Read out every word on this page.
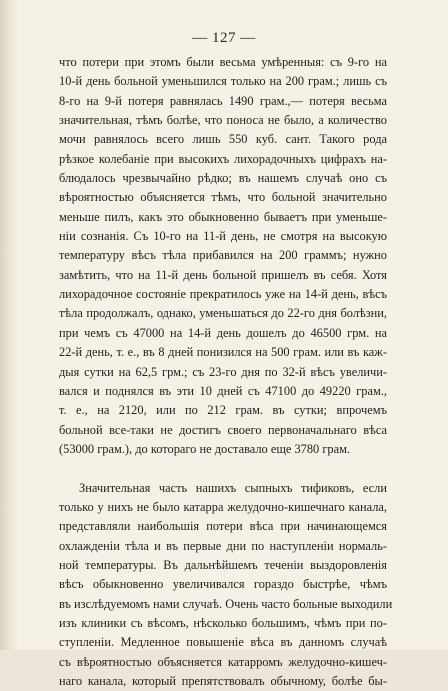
— 127 —
что потери при этомъ были весьма умѣренныя: съ 9-го на
10-й день больной уменьшился только на 200 грам.; лишь съ
8-го на 9-й потеря равнялась 1490 грам.,— потеря весьма
значительная, тѣмъ болѣе, что поноса не было, а количество
мочи равнялось всего лишь 550 куб. сант. Такого рода
рѣзкое колебаніе при высокихъ лихорадочныхъ цифрахъ на-
блюдалось чрезвычайно рѣдко; въ нашемъ случаѣ оно съ
вѣроятностью объясняется тѣмъ, что больной значительно
меньше пилъ, какъ это обыкновенно бываетъ при уменьше-
ніи сознанія. Съ 10-го на 11-й день, не смотря на высокую
температуру вѣсъ тѣла прибавился на 200 граммъ; нужно
замѣтить, что на 11-й день больной пришелъ въ себя. Хотя
лихорадочное состояніе прекратилось уже на 14-й день, вѣсъ
тѣла продолжалъ, однако, уменьшаться до 22-го дня болѣзни,
при чемъ съ 47000 на 14-й день дошелъ до 46500 грм. на
22-й день, т. е., въ 8 дней понизился на 500 грам. или въ каж-
дыя сутки на 62,5 грм.; съ 23-го дня по 32-й вѣсъ увеличи-
вался и поднялся въ эти 10 дней съ 47100 до 49220 грам.,
т. е., на 2120, или по 212 грам. въ сутки; впрочемъ
больной все-таки не достигъ своего первоначальнаго вѣса
(53000 грам.), до котораго не доставало еще 3780 грам.
Значительная часть нашихъ сыпныхъ тификовъ, если
только у нихъ не было катарра желудочно-кишечнаго канала,
представляли наибольшія потери вѣса при начинающемся
охлажденіи тѣла и въ первые дни по наступленіи нормаль-
ной температуры. Въ дальнѣйшемъ теченіи выздоровленія
вѣсъ обыкновенно увеличивался гораздо быстрѣе, чѣмъ
въ изслѣдуемомъ нами случаѣ. Очень часто больные выходили
изъ клиники съ вѣсомъ, нѣсколько большимъ, чѣмъ при по-
ступленіи. Медленное повышеніе вѣса въ данномъ случаѣ
съ вѣроятностью объясняется катарромъ желудочно-кишеч-
наго канала, который препятствовалъ обычному, болѣе бы-
